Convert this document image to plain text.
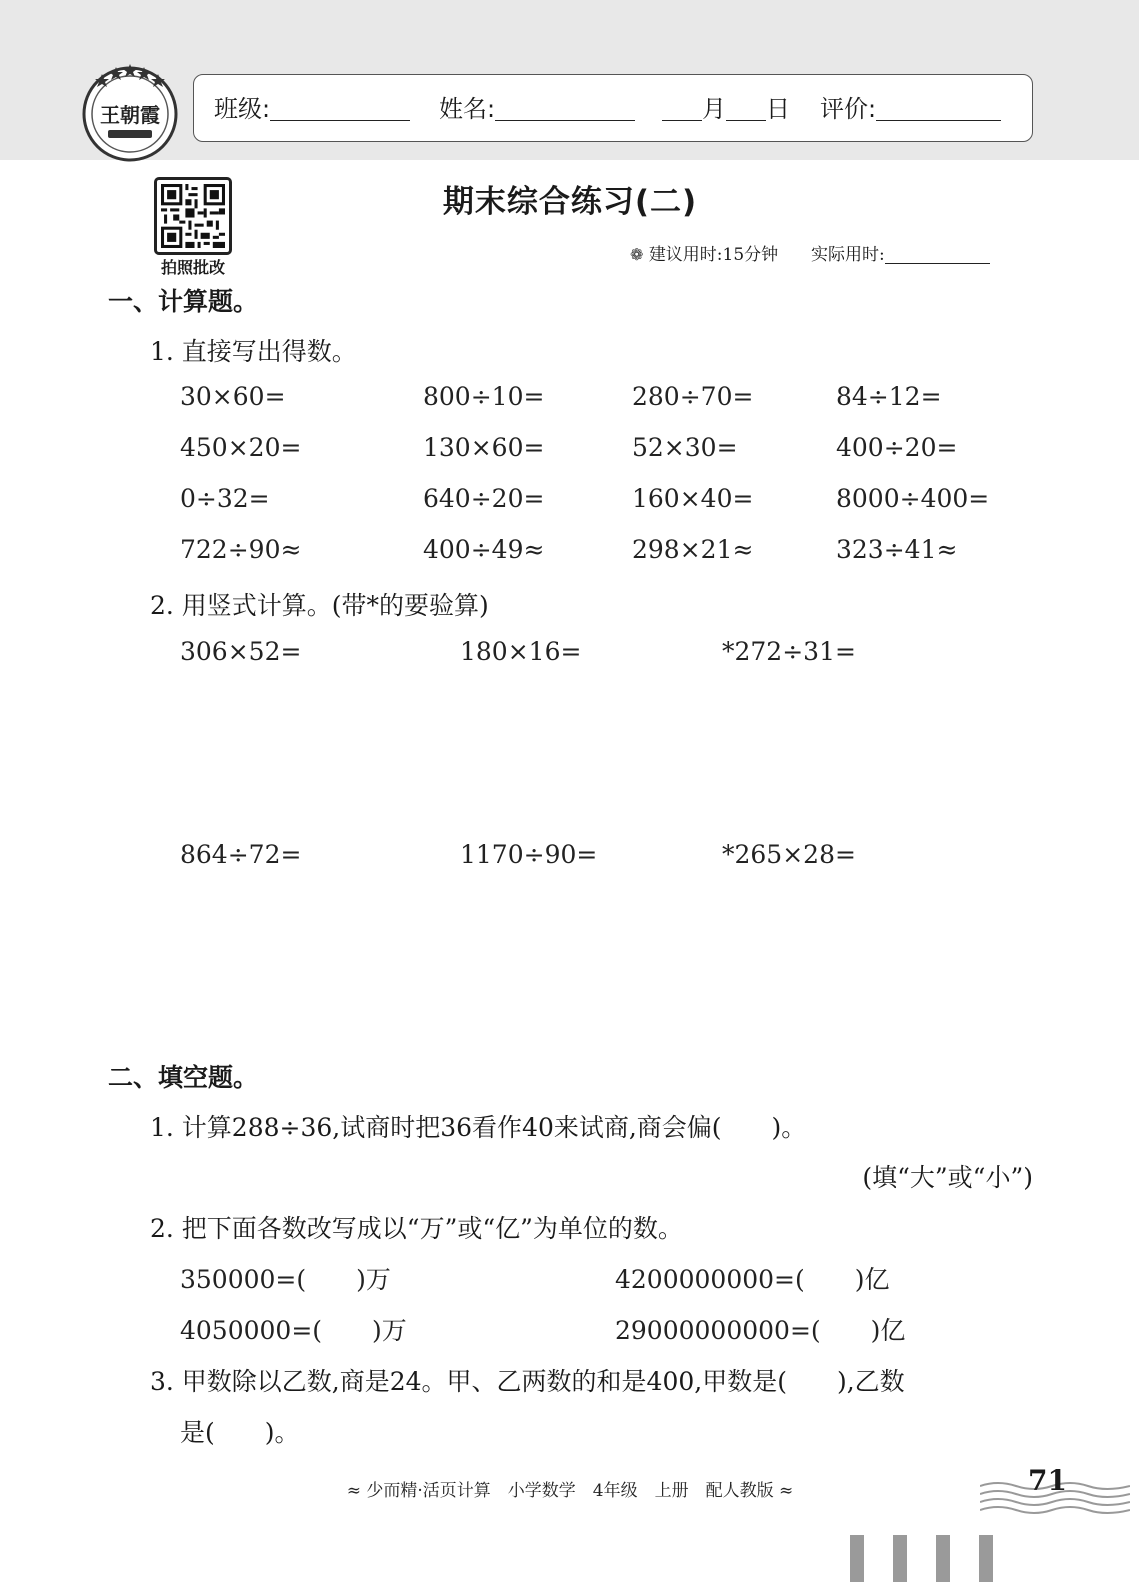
王朝霞 班级:	姓名:	月 日 评价:
拍照批改
期末综合练习(二)
❁ 建议用时:15分钟 实际用时:
一、计算题。
1. 直接写出得数。
30×60=	800÷10=	280÷70=	84÷12=
450×20=	130×60=	52×30=	400÷20=
0÷32=	640÷20=	160×40=	8000÷400=
722÷90≈	400÷49≈	298×21≈	323÷41≈
2. 用竖式计算。(带*的要验算)
306×52=	180×16=	*272÷31=
864÷72=	1170÷90=	*265×28=
二、填空题。
1. 计算288÷36,试商时把36看作40来试商,商会偏(　　)。
(填“大”或“小”)
2. 把下面各数改写成以“万”或“亿”为单位的数。
350000=(　　)万	4200000000=(　　)亿
4050000=(　　)万	29000000000=(　　)亿
3. 甲数除以乙数,商是24。甲、乙两数的和是400,甲数是(　　),乙数
是(　　)。
≈ 少而精·活页计算　小学数学　4年级　上册　配人教版 ≈	71
